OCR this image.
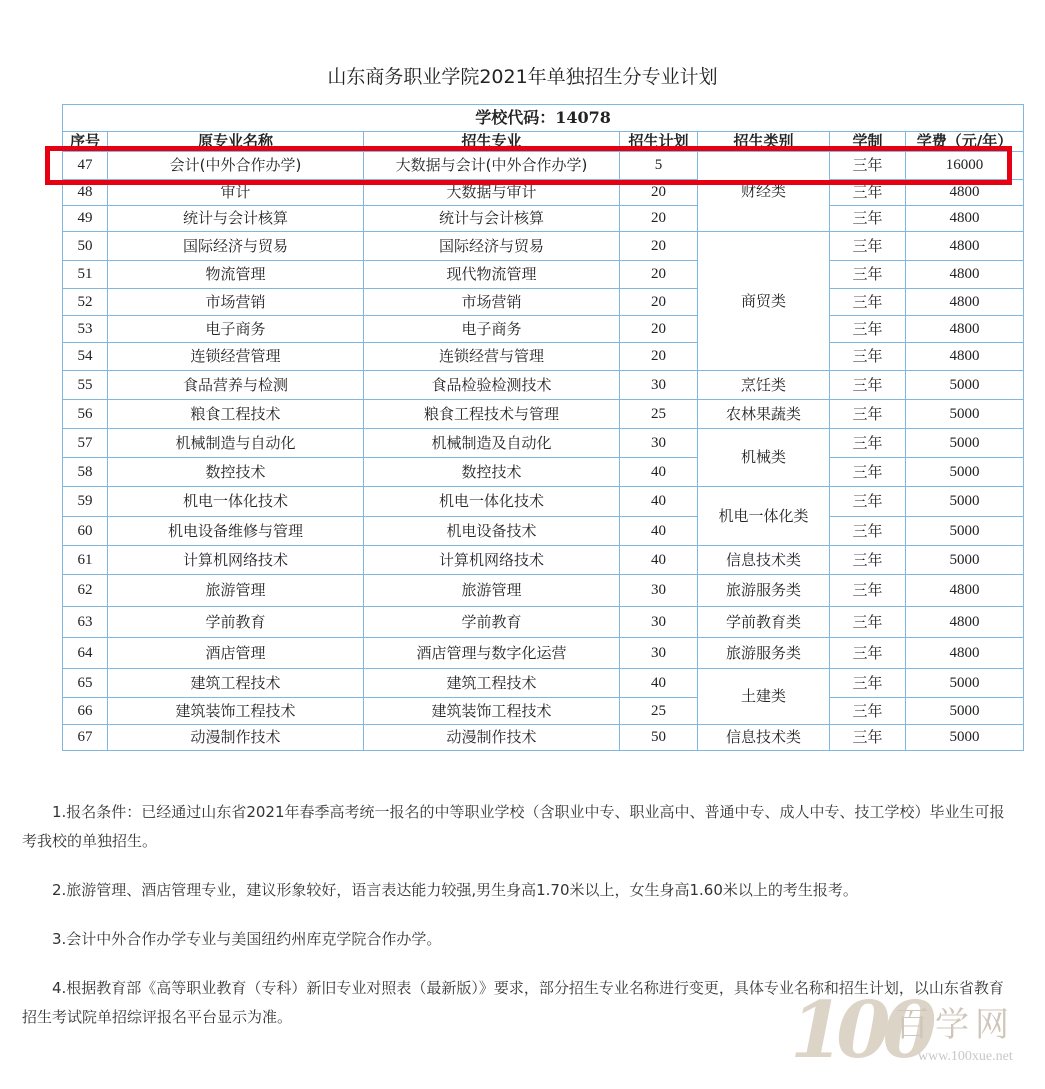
山东商务职业学院2021年单独招生分专业计划
学校代码：14078						
序号	原专业名称	招生专业	招生计划	招生类别	学制	学费（元/年）
47	会计(中外合作办学)	大数据与会计(中外合作办学)	5	财经类	三年	16000
48	审计	大数据与审计	20		三年	4800
49	统计与会计核算	统计与会计核算	20		三年	4800
50	国际经济与贸易	国际经济与贸易	20	商贸类	三年	4800
51	物流管理	现代物流管理	20		三年	4800
52	市场营销	市场营销	20		三年	4800
53	电子商务	电子商务	20		三年	4800
54	连锁经营管理	连锁经营与管理	20		三年	4800
55	食品营养与检测	食品检验检测技术	30	烹饪类	三年	5000
56	粮食工程技术	粮食工程技术与管理	25	农林果蔬类	三年	5000
57	机械制造与自动化	机械制造及自动化	30	机械类	三年	5000
58	数控技术	数控技术	40		三年	5000
59	机电一体化技术	机电一体化技术	40	机电一体化类	三年	5000
60	机电设备维修与管理	机电设备技术	40		三年	5000
61	计算机网络技术	计算机网络技术	40	信息技术类	三年	5000
62	旅游管理	旅游管理	30	旅游服务类	三年	4800
63	学前教育	学前教育	30	学前教育类	三年	4800
64	酒店管理	酒店管理与数字化运营	30	旅游服务类	三年	4800
65	建筑工程技术	建筑工程技术	40	土建类	三年	5000
66	建筑装饰工程技术	建筑装饰工程技术	25		三年	5000
67	动漫制作技术	动漫制作技术	50	信息技术类	三年	5000

1.报名条件：已经通过山东省2021年春季高考统一报名的中等职业学校（含职业中专、职业高中、普通中专、成人中专、技工学校）毕业生可报考我校的单独招生。

2.旅游管理、酒店管理专业，建议形象较好，语言表达能力较强,男生身高1.70米以上，女生身高1.60米以上的考生报考。

3.会计中外合作办学专业与美国纽约州库克学院合作办学。

4.根据教育部《高等职业教育（专科）新旧专业对照表（最新版）》要求，部分招生专业名称进行变更，具体专业名称和招生计划，以山东省教育招生考试院单招综评报名平台显示为准。	100
百学网
www.100xue.net
